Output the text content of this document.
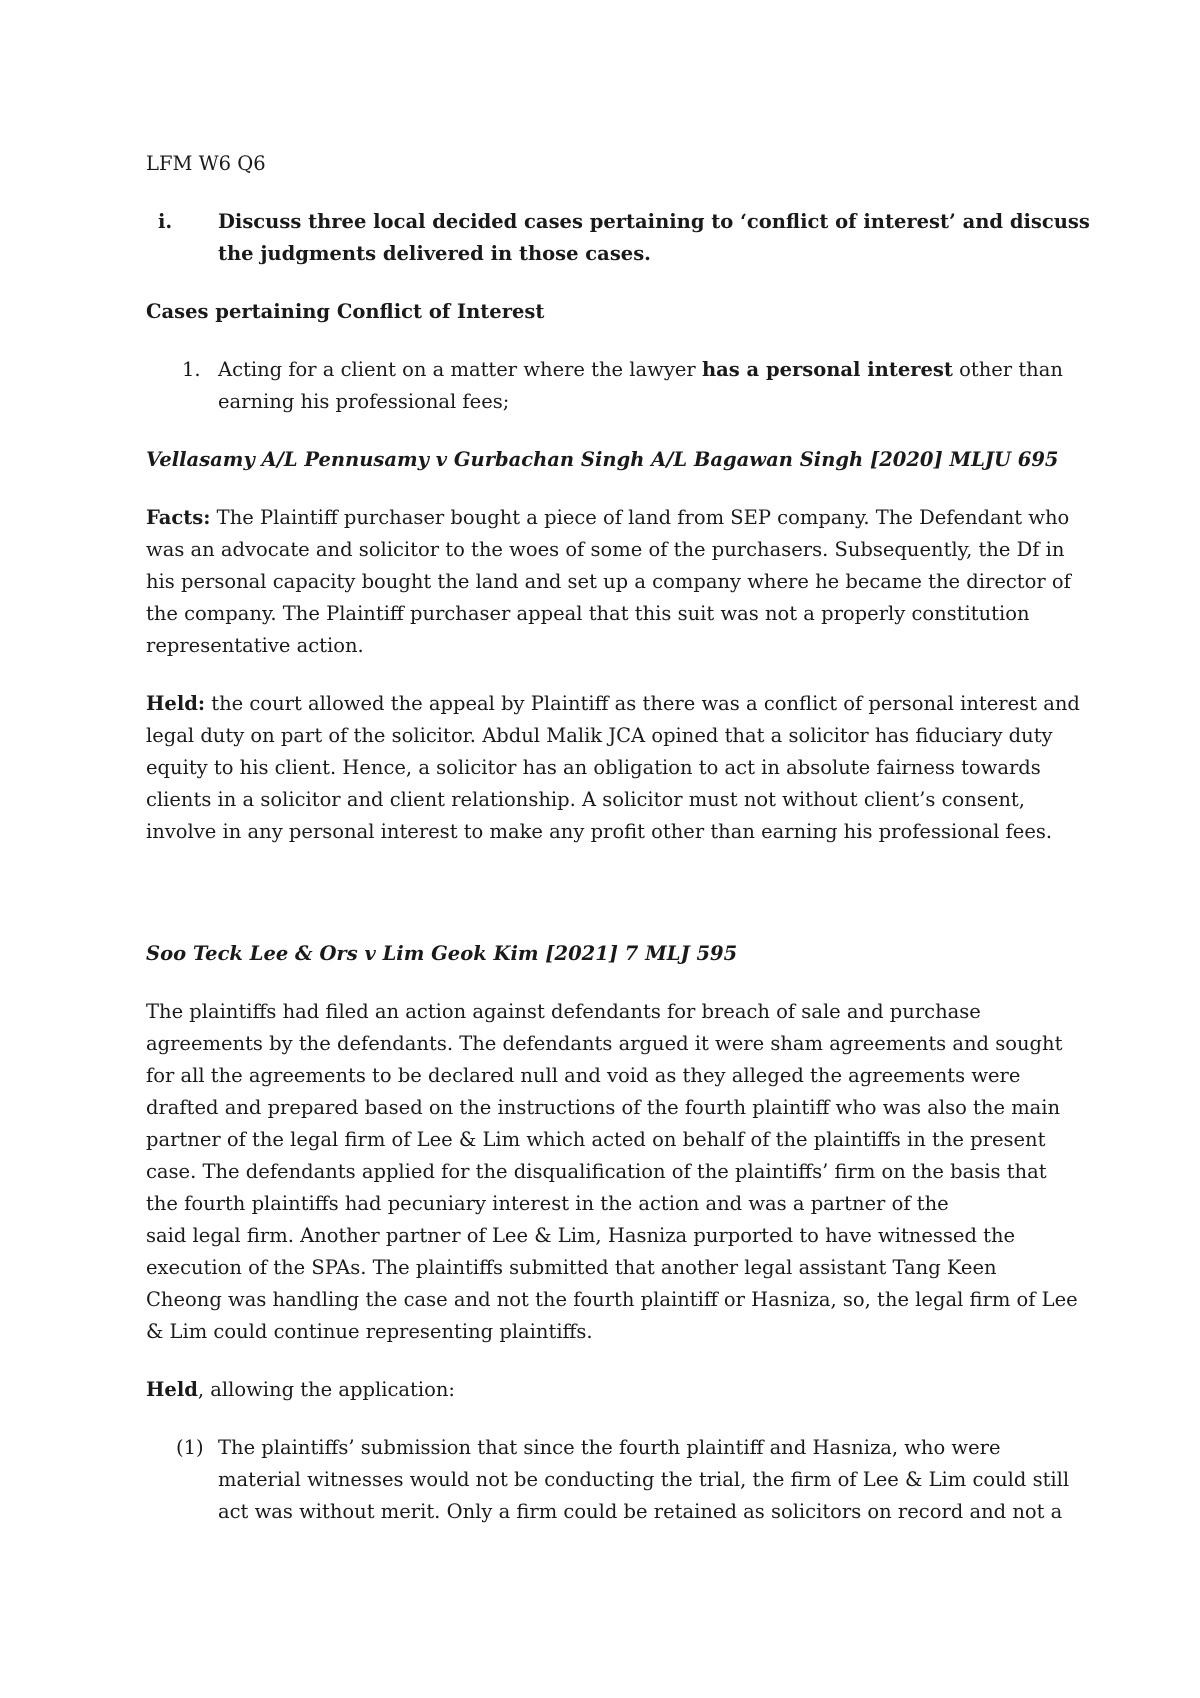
LFM W6 Q6
i. Discuss three local decided cases pertaining to ‘conflict of interest’ and discuss
the judgments delivered in those cases.
Cases pertaining Conflict of Interest
1. Acting for a client on a matter where the lawyer has a personal interest other than
earning his professional fees;
Vellasamy A/L Pennusamy v Gurbachan Singh A/L Bagawan Singh [2020] MLJU 695
Facts: The Plaintiff purchaser bought a piece of land from SEP company. The Defendant who
was an advocate and solicitor to the woes of some of the purchasers. Subsequently, the Df in
his personal capacity bought the land and set up a company where he became the director of
the company. The Plaintiff purchaser appeal that this suit was not a properly constitution
representative action.
Held: the court allowed the appeal by Plaintiff as there was a conflict of personal interest and
legal duty on part of the solicitor. Abdul Malik JCA opined that a solicitor has fiduciary duty
equity to his client. Hence, a solicitor has an obligation to act in absolute fairness towards
clients in a solicitor and client relationship. A solicitor must not without client’s consent,
involve in any personal interest to make any profit other than earning his professional fees.
Soo Teck Lee & Ors v Lim Geok Kim [2021] 7 MLJ 595
The plaintiffs had filed an action against defendants for breach of sale and purchase
agreements by the defendants. The defendants argued it were sham agreements and sought
for all the agreements to be declared null and void as they alleged the agreements were
drafted and prepared based on the instructions of the fourth plaintiff who was also the main
partner of the legal firm of Lee & Lim which acted on behalf of the plaintiffs in the present
case. The defendants applied for the disqualification of the plaintiffs’ firm on the basis that
the fourth plaintiffs had pecuniary interest in the action and was a partner of the
said legal firm. Another partner of Lee & Lim, Hasniza purported to have witnessed the
execution of the SPAs. The plaintiffs submitted that another legal assistant Tang Keen
Cheong was handling the case and not the fourth plaintiff or Hasniza, so, the legal firm of Lee
& Lim could continue representing plaintiffs.
Held, allowing the application:
(1) The plaintiffs’ submission that since the fourth plaintiff and Hasniza, who were
material witnesses would not be conducting the trial, the firm of Lee & Lim could still
act was without merit. Only a firm could be retained as solicitors on record and not a
